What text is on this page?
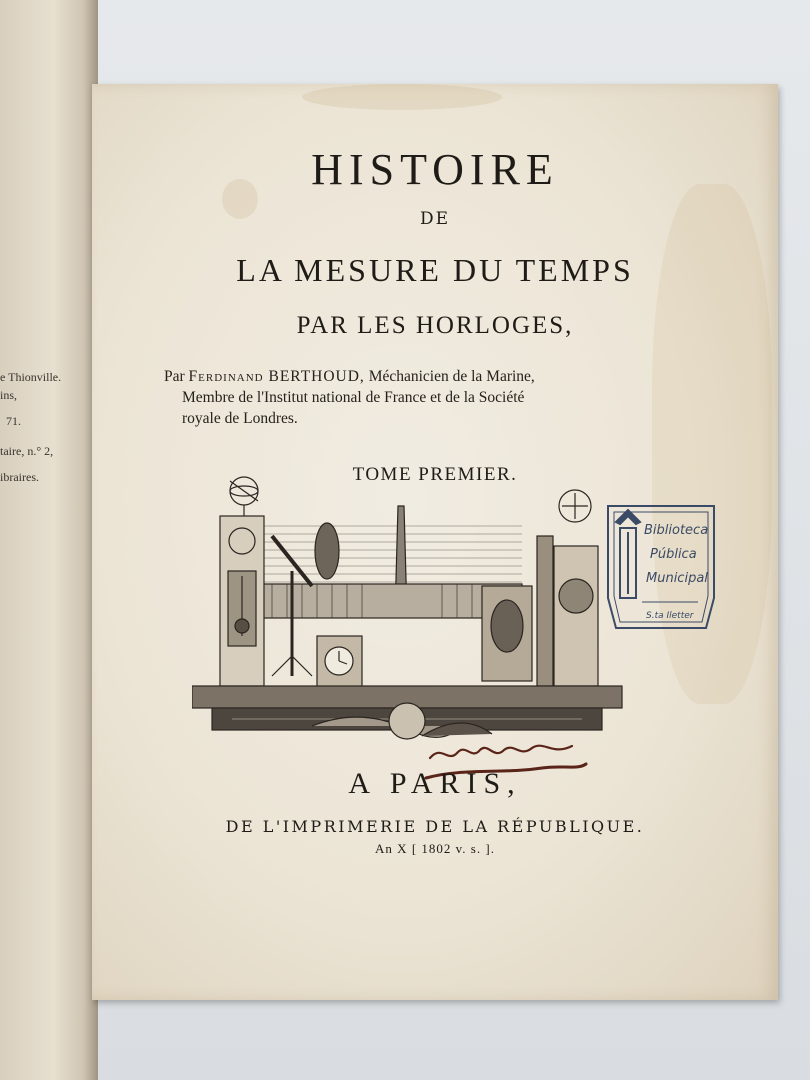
e Thionville.
ins,
71.
taire, n.° 2,
ibraires.
HISTOIRE
DE
LA MESURE DU TEMPS
PAR LES HORLOGES,
Par Ferdinand BERTHOUD, Méchanicien de la Marine,
Membre de l'Institut national de France et de la Société
royale de Londres.
TOME PREMIER.
Biblioteca
Pública
Municipal
S.ta Iletter
A PARIS,
DE L'IMPRIMERIE DE LA RÉPUBLIQUE.
An X [ 1802 v. s. ].
